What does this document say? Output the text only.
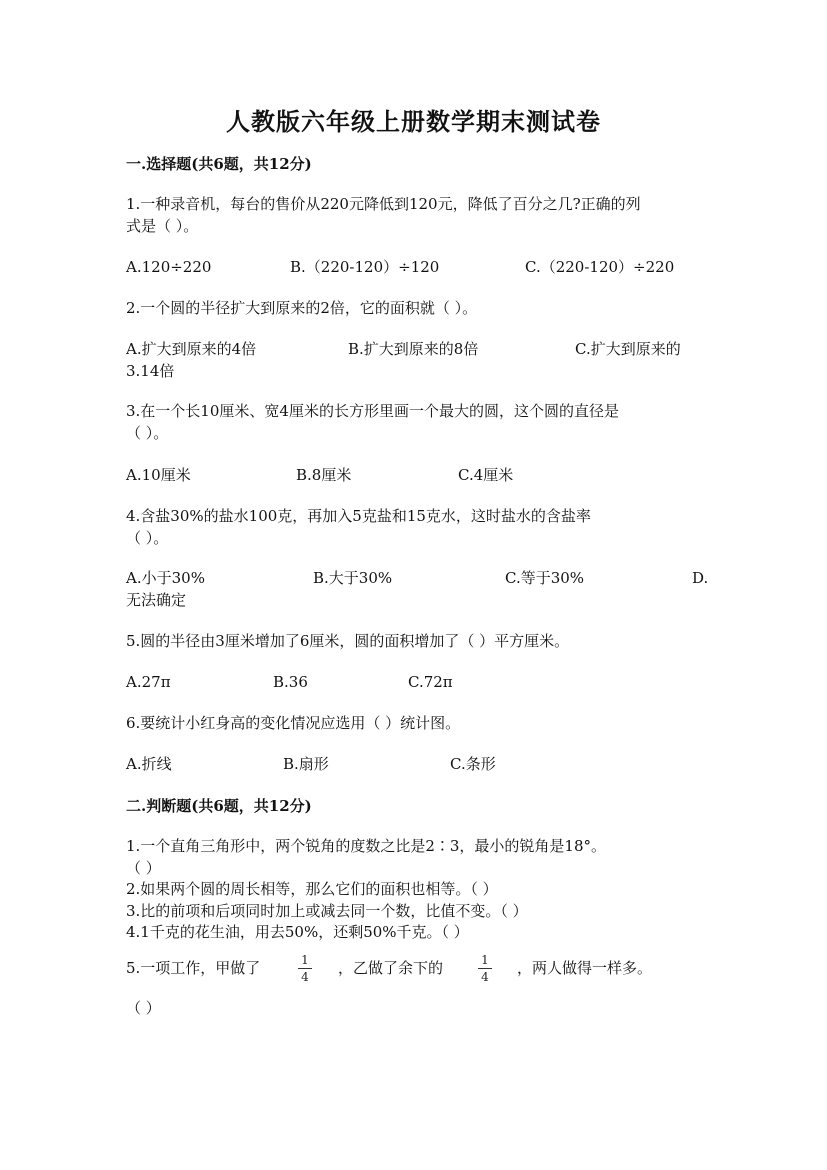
人教版六年级上册数学期末测试卷
一.选择题(共6题，共12分)
1.一种录音机，每台的售价从220元降低到120元，降低了百分之几?正确的列
式是（ ）。
A.120÷220	B.（220-120）÷120	C.（220-120）÷220
2.一个圆的半径扩大到原来的2倍，它的面积就（ ）。
A.扩大到原来的4倍	B.扩大到原来的8倍	C.扩大到原来的
3.14倍
3.在一个长10厘米、宽4厘米的长方形里画一个最大的圆，这个圆的直径是
（ ）。
A.10厘米	B.8厘米	C.4厘米
4.含盐30%的盐水100克，再加入5克盐和15克水，这时盐水的含盐率
（ ）。
A.小于30%	B.大于30%	C.等于30%	D.
无法确定
5.圆的半径由3厘米增加了6厘米，圆的面积增加了（ ）平方厘米。
A.27π	B.36	C.72π
6.要统计小红身高的变化情况应选用（ ）统计图。
A.折线	B.扇形	C.条形
二.判断题(共6题，共12分)
1.一个直角三角形中，两个锐角的度数之比是2∶3，最小的锐角是18°。
（ ）
2.如果两个圆的周长相等，那么它们的面积也相等。（ ）
3.比的前项和后项同时加上或减去同一个数，比值不变。（ ）
4.1千克的花生油，用去50%，还剩50%千克。（ ）
5.一项工作，甲做了	1
4 ，乙做了余下的	1
4 ，两人做得一样多。
（ ）
